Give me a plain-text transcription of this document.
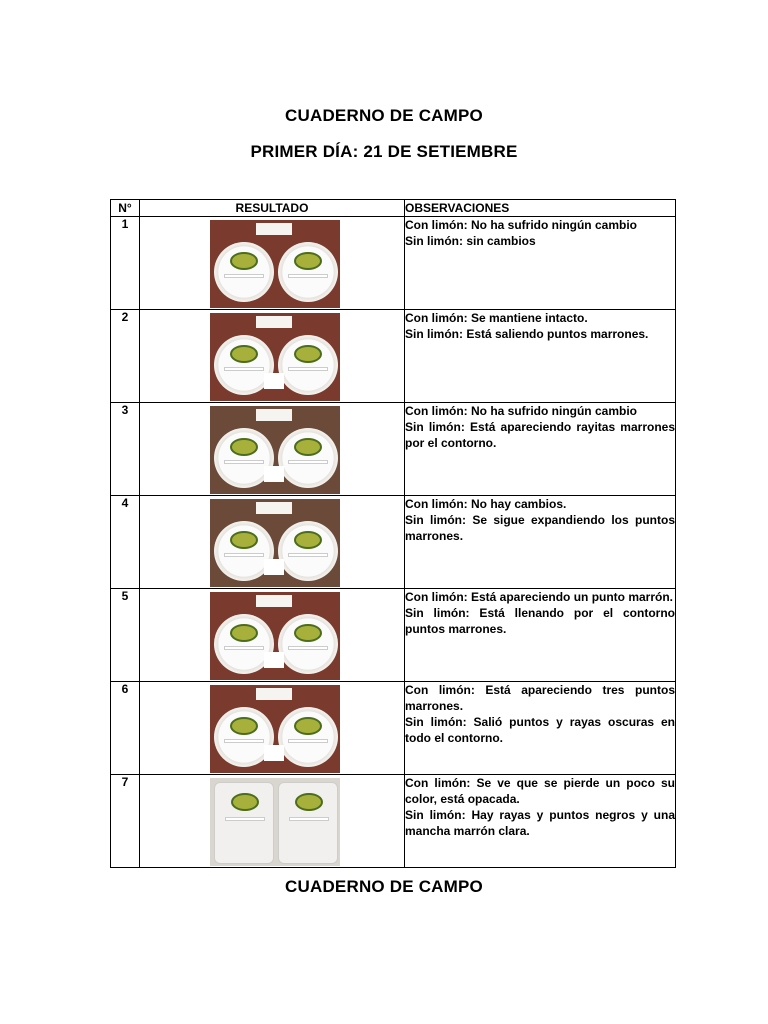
CUADERNO DE CAMPO
PRIMER DÍA: 21 DE SETIEMBRE
N°	RESULTADO	OBSERVACIONES
1		Con limón: No ha sufrido ningún cambio
Sin limón: sin cambios

2		Con limón: Se mantiene intacto.
Sin limón: Está saliendo puntos marrones.

3		Con limón: No ha sufrido ningún cambio
Sin limón: Está apareciendo rayitas marrones por el contorno.

4		Con limón: No hay cambios.
Sin limón: Se sigue expandiendo los puntos marrones.

5		Con limón: Está apareciendo un punto marrón.
Sin limón: Está llenando por el contorno puntos marrones.

6		Con limón: Está apareciendo tres puntos marrones.
Sin limón: Salió puntos y rayas oscuras en todo el contorno.

7		Con limón: Se ve que se pierde un poco su color, está opacada.
Sin limón: Hay rayas y puntos negros y una mancha marrón clara.
CUADERNO DE CAMPO
